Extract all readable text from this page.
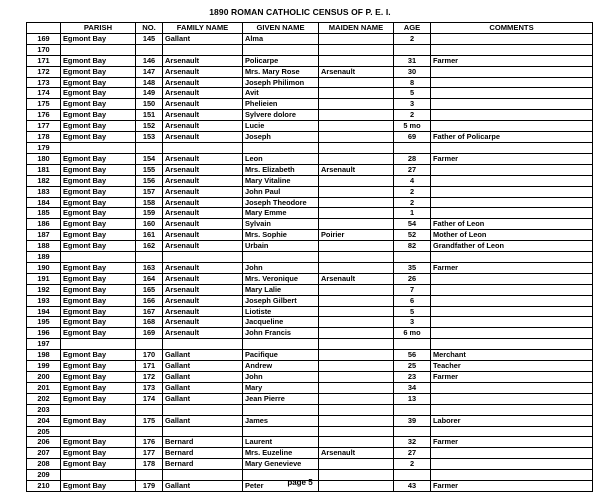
1890 ROMAN CATHOLIC CENSUS OF P. E. I.
	PARISH	NO.	FAMILY NAME	GIVEN NAME	MAIDEN NAME	AGE	COMMENTS
169	Egmont Bay	145	Gallant	Alma		2	
170							
171	Egmont Bay	146	Arsenault	Policarpe		31	Farmer
172	Egmont Bay	147	Arsenault	Mrs. Mary Rose	Arsenault	30	
173	Egmont Bay	148	Arsenault	Joseph Philimon		8	
174	Egmont Bay	149	Arsenault	Avit		5	
175	Egmont Bay	150	Arsenault	Phelieien		3	
176	Egmont Bay	151	Arsenault	Sylvere dolore		2	
177	Egmont Bay	152	Arsenault	Lucie		5 mo	
178	Egmont Bay	153	Arsenault	Joseph		69	Father of Policarpe
179							
180	Egmont Bay	154	Arsenault	Leon		28	Farmer
181	Egmont Bay	155	Arsenault	Mrs. Elizabeth	Arsenault	27	
182	Egmont Bay	156	Arsenault	Mary Vitaline		4	
183	Egmont Bay	157	Arsenault	John Paul		2	
184	Egmont Bay	158	Arsenault	Joseph Theodore		2	
185	Egmont Bay	159	Arsenault	Mary Emme		1	
186	Egmont Bay	160	Arsenault	Sylvain		54	Father of Leon
187	Egmont Bay	161	Arsenault	Mrs. Sophie	Poirier	52	Mother of Leon
188	Egmont Bay	162	Arsenault	Urbain		82	Grandfather of Leon
189							
190	Egmont Bay	163	Arsenault	John		35	Farmer
191	Egmont Bay	164	Arsenault	Mrs. Veronique	Arsenault	26	
192	Egmont Bay	165	Arsenault	Mary Lalie		7	
193	Egmont Bay	166	Arsenault	Joseph Gilbert		6	
194	Egmont Bay	167	Arsenault	Liotiste		5	
195	Egmont Bay	168	Arsenault	Jacqueline		3	
196	Egmont Bay	169	Arsenault	John Francis		6 mo	
197							
198	Egmont Bay	170	Gallant	Pacifique		56	Merchant
199	Egmont Bay	171	Gallant	Andrew		25	Teacher
200	Egmont Bay	172	Gallant	John		23	Farmer
201	Egmont Bay	173	Gallant	Mary		34	
202	Egmont Bay	174	Gallant	Jean Pierre		13	
203							
204	Egmont Bay	175	Gallant	James		39	Laborer
205							
206	Egmont Bay	176	Bernard	Laurent		32	Farmer
207	Egmont Bay	177	Bernard	Mrs. Euzeline	Arsenault	27	
208	Egmont Bay	178	Bernard	Mary Genevieve		2	
209							
210	Egmont Bay	179	Gallant	Peter		43	Farmer
page 5
